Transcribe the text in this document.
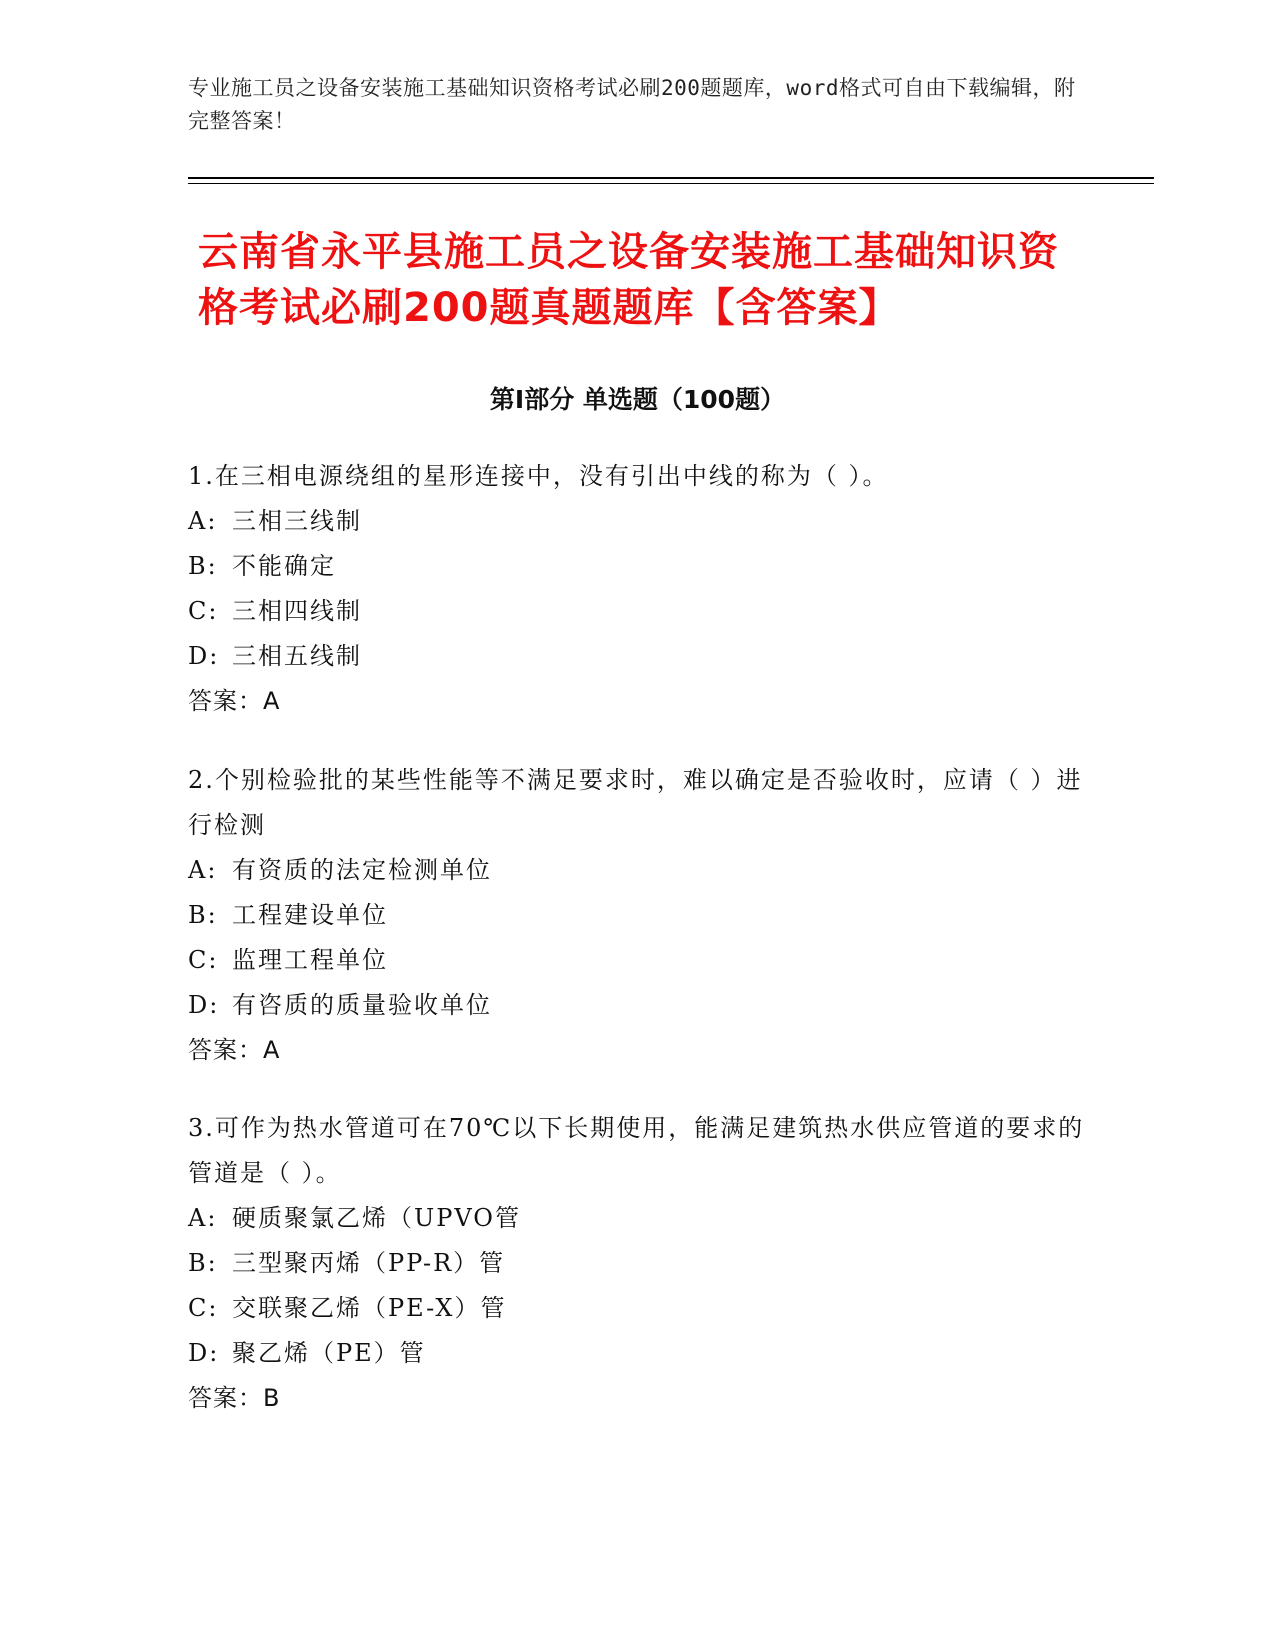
专业施工员之设备安装施工基础知识资格考试必刷200题题库，word格式可自由下载编辑，附完整答案！
云南省永平县施工员之设备安装施工基础知识资格考试必刷200题真题题库【含答案】
第I部分 单选题（100题）
1.在三相电源绕组的星形连接中，没有引出中线的称为（ ）。
A: 三相三线制
B: 不能确定
C: 三相四线制
D: 三相五线制
答案：A
2.个别检验批的某些性能等不满足要求时，难以确定是否验收时，应请（ ）进行检测
A: 有资质的法定检测单位
B: 工程建设单位
C: 监理工程单位
D: 有咨质的质量验收单位
答案：A
3.可作为热水管道可在70℃以下长期使用，能满足建筑热水供应管道的要求的管道是（ ）。
A: 硬质聚氯乙烯（UPVO管
B: 三型聚丙烯（PP-R）管
C: 交联聚乙烯（PE-X）管
D: 聚乙烯（PE）管
答案：B
